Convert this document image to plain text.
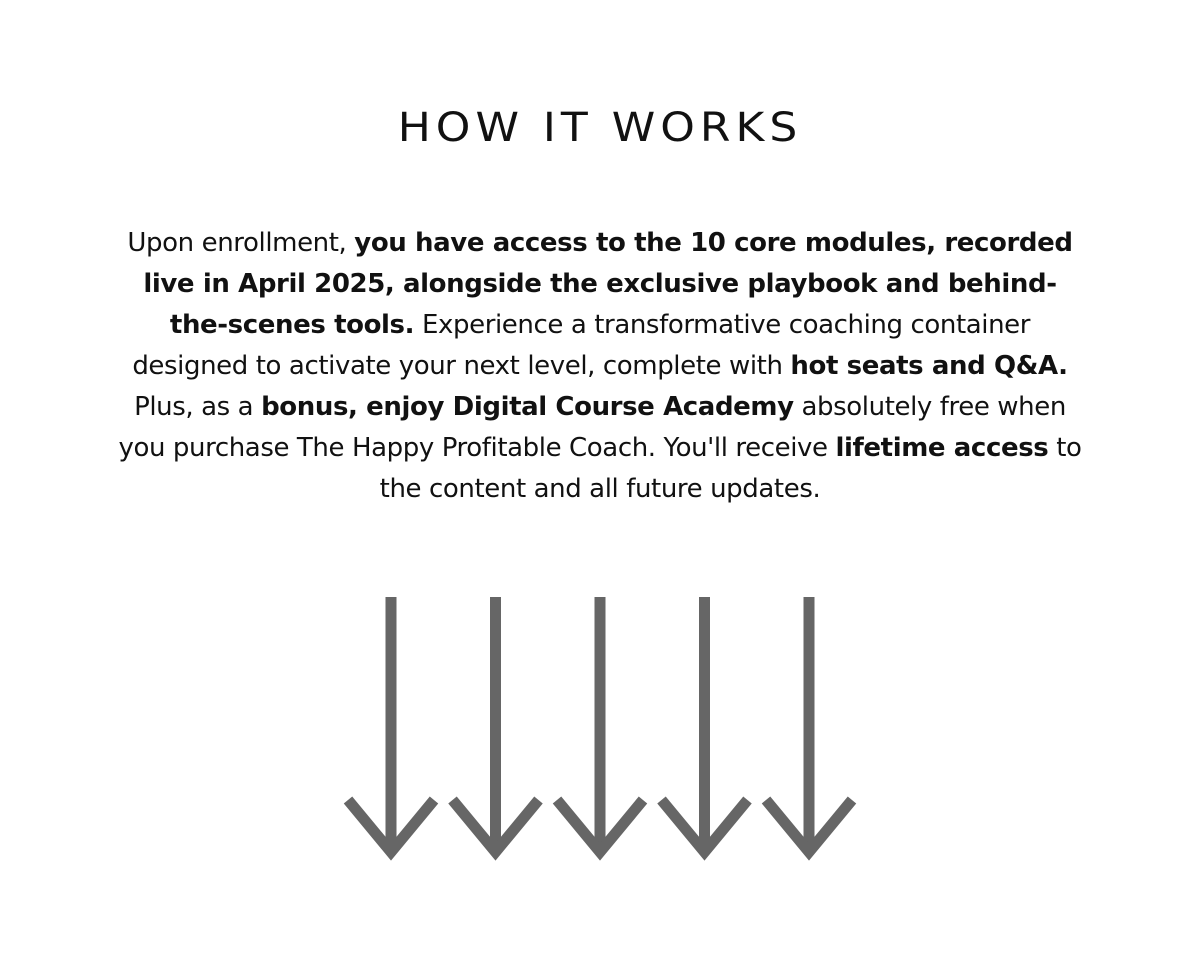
HOW IT WORKS

Upon enrollment, you have access to the 10 core modules, recorded live in April 2025, alongside the exclusive playbook and behind-the-scenes tools. Experience a transformative coaching container designed to activate your next level, complete with hot seats and Q&A. Plus, as a bonus, enjoy Digital Course Academy absolutely free when you purchase The Happy Profitable Coach. You'll receive lifetime access to the content and all future updates.
